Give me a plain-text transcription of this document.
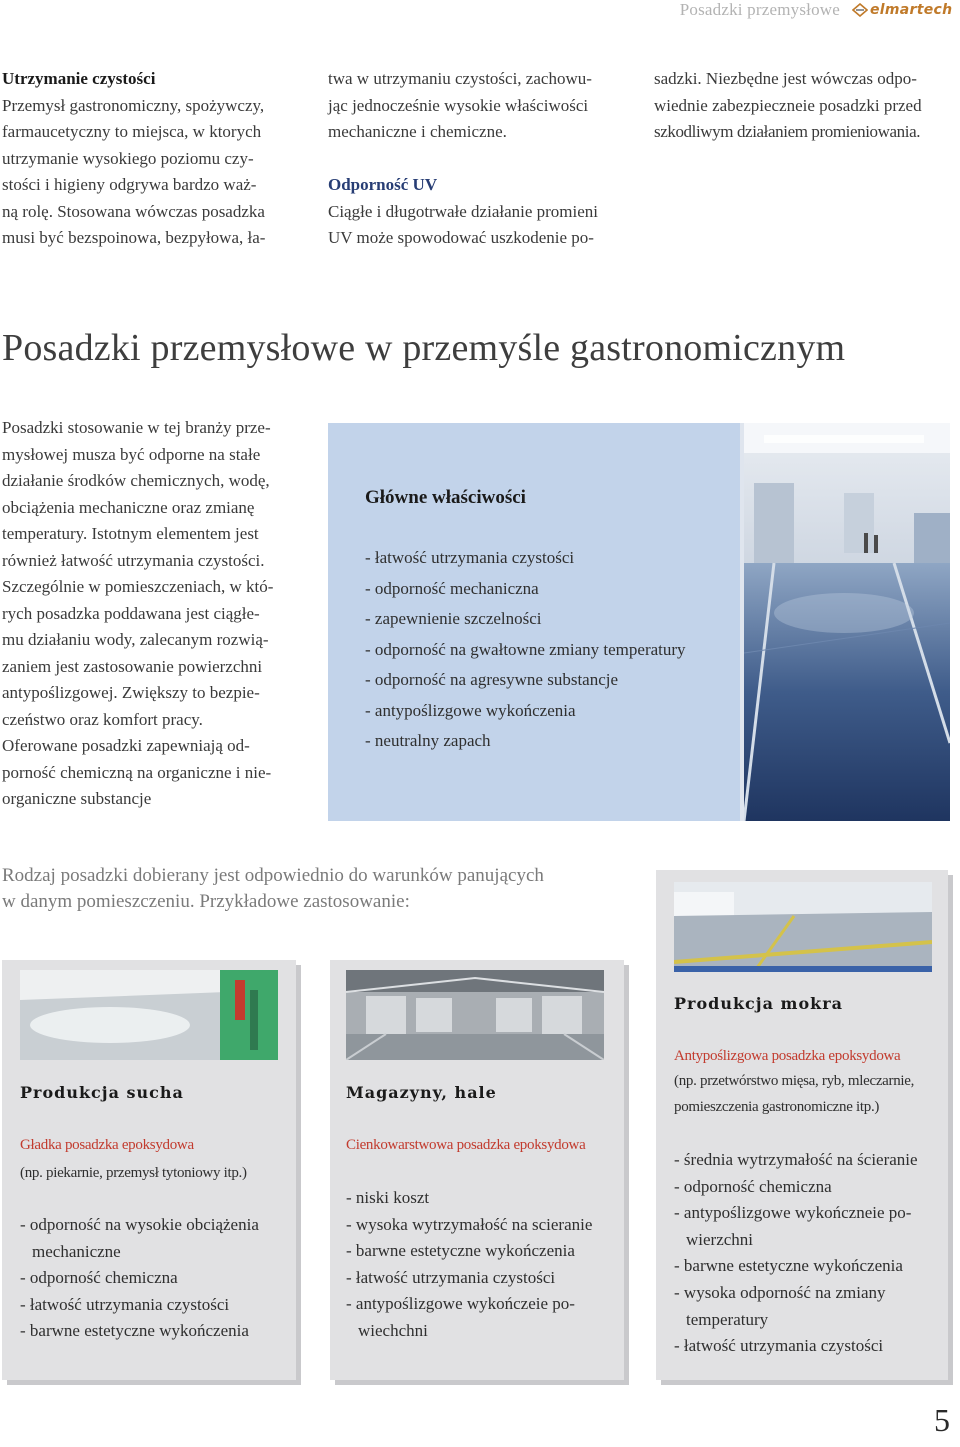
Posadzki przemysłowe elmartech
Utrzymanie czystości
Przemysł gastronomiczny, spożywczy,
farmaucetyczny to miejsca, w ktorych
utrzymanie wysokiego poziomu czy-
stości i higieny odgrywa bardzo waż-
ną rolę. Stosowana wówczas posadzka
musi być bezspoinowa, bezpyłowa, ła-
twa w utrzymaniu czystości, zachowu-
jąc jednocześnie wysokie właściwości
mechaniczne i chemiczne.
Odporność UV
Ciągłe i długotrwałe działanie promieni
UV może spowodować uszkodenie po-
sadzki. Niezbędne jest wówczas odpo-
wiednie zabezpieczneie posadzki przed
szkodliwym działaniem promieniowania.
Posadzki przemysłowe w przemyśle gastronomicznym
Posadzki stosowanie w tej branży prze-
mysłowej musza być odporne na stałe
działanie środków chemicznych, wodę,
obciążenia mechaniczne oraz zmianę
temperatury. Istotnym elementem jest
również łatwość utrzymania czystości.
Szczególnie w pomieszczeniach, w któ-
rych posadzka poddawana jest ciągłe-
mu działaniu wody, zalecanym rozwią-
zaniem jest zastosowanie powierzchni
antypoślizgowej. Zwiększy to bezpie-
czeństwo oraz komfort pracy.
Oferowane posadzki zapewniają od-
porność chemiczną na organiczne i nie-
organiczne substancje
Główne właściwości
- łatwość utrzymania czystości
- odporność mechaniczna
- zapewnienie szczelności
- odporność na gwałtowne zmiany temperatury
- odporność na agresywne substancje
- antypoślizgowe wykończenia
- neutralny zapach
Rodzaj posadzki dobierany jest odpowiednio do warunków panujących
w danym pomieszczeniu. Przykładowe zastosowanie:
Produkcja sucha
Gładka posadzka epoksydowa
(np. piekarnie, przemysł tytoniowy itp.)
- odporność na wysokie obciążenia
mechaniczne
- odporność chemiczna
- łatwość utrzymania czystości
- barwne estetyczne wykończenia
Magazyny, hale
Cienkowarstwowa posadzka epoksydowa
- niski koszt
- wysoka wytrzymałość na scieranie
- barwne estetyczne wykończenia
- łatwość utrzymania czystości
- antypoślizgowe wykończeie po-
wiechchni
Produkcja mokra
Antypoślizgowa posadzka epoksydowa
(np. przetwórstwo mięsa, ryb, mleczarnie,
pomieszczenia gastronomiczne itp.)
- średnia wytrzymałość na ścieranie
- odporność chemiczna
- antypoślizgowe wykończneie po-
wierzchni
- barwne estetyczne wykończenia
- wysoka odporność na zmiany
temperatury
- łatwość utrzymania czystości
5
